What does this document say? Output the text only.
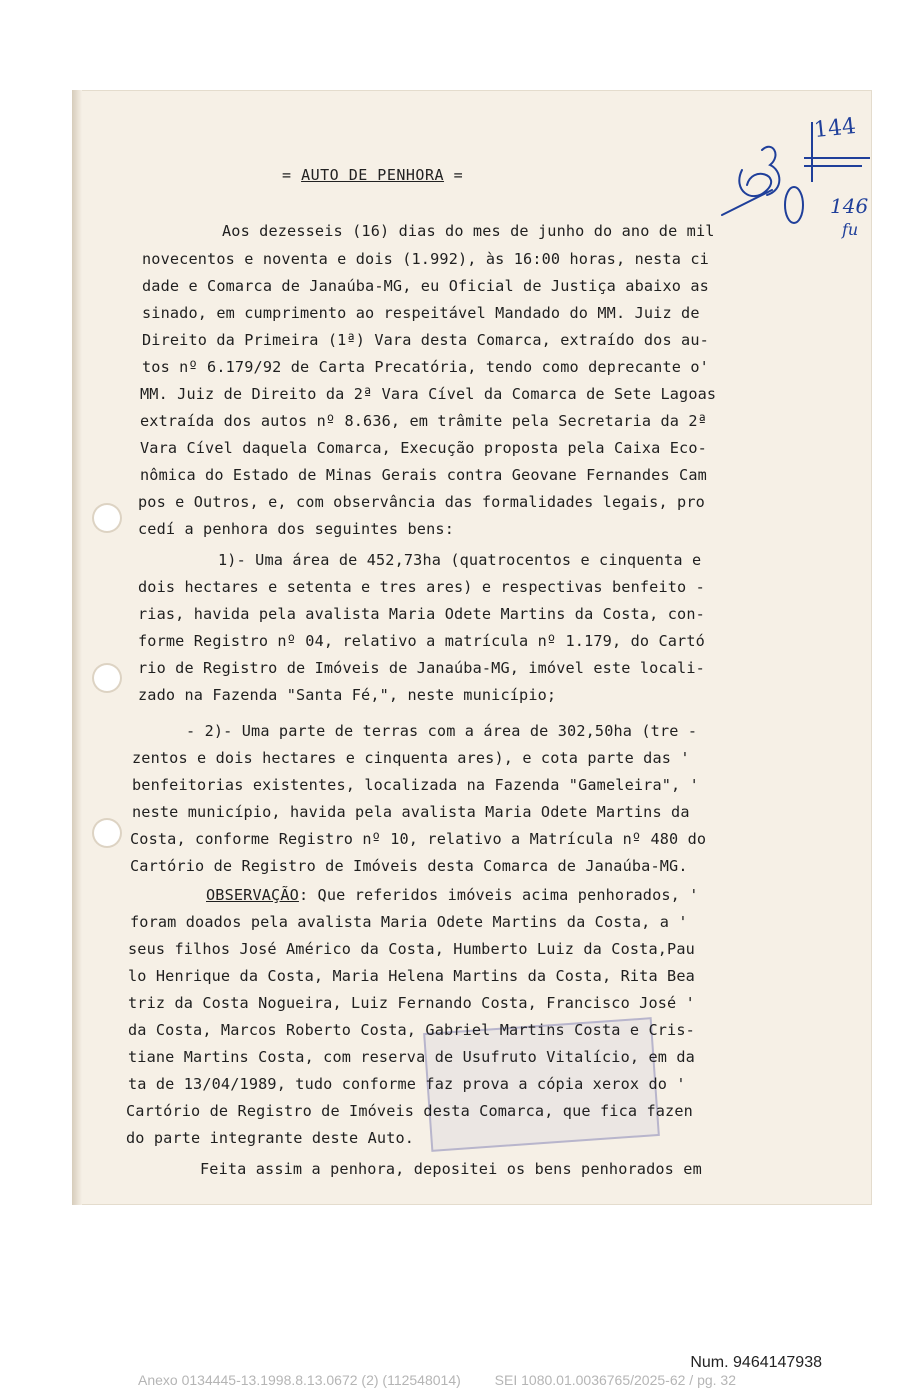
= AUTO DE PENHORA =
Aos dezesseis (16) dias do mes de junho do ano de mil
novecentos e noventa e dois (1.992), às 16:00 horas, nesta ci
dade e Comarca de Janaúba-MG, eu Oficial de Justiça abaixo as
sinado, em cumprimento ao respeitável Mandado do MM. Juiz de
Direito da Primeira (1ª) Vara desta Comarca, extraído dos au-
tos nº 6.179/92 de Carta Precatória, tendo como deprecante o'
MM. Juiz de Direito da 2ª Vara Cível da Comarca de Sete Lagoas
extraída dos autos nº 8.636, em trâmite pela Secretaria da 2ª
Vara Cível daquela Comarca, Execução proposta pela Caixa Eco-
nômica do Estado de Minas Gerais contra Geovane Fernandes Cam
pos e Outros, e, com observância das formalidades legais, pro
cedí a penhora dos seguintes bens:
1)- Uma área de 452,73ha (quatrocentos e cinquenta e
dois hectares e setenta e tres ares) e respectivas benfeito -
rias, havida pela avalista Maria Odete Martins da Costa, con-
forme Registro nº 04, relativo a matrícula nº 1.179, do Cartó
rio de Registro de Imóveis de Janaúba-MG, imóvel este locali-
zado na Fazenda "Santa Fé,", neste município;
- 2)- Uma parte de terras com a área de 302,50ha (tre -
zentos e dois hectares e cinquenta ares), e cota parte das '
benfeitorias existentes, localizada na Fazenda "Gameleira", '
neste município, havida pela avalista Maria Odete Martins da
Costa, conforme Registro nº 10, relativo a Matrícula nº 480 do
Cartório de Registro de Imóveis desta Comarca de Janaúba-MG.
OBSERVAÇÃO: Que referidos imóveis acima penhorados, '
foram doados pela avalista Maria Odete Martins da Costa, a '
seus filhos José Américo da Costa, Humberto Luiz da Costa,Pau
lo Henrique da Costa, Maria Helena Martins da Costa, Rita Bea
triz da Costa Nogueira, Luiz Fernando Costa, Francisco José '
da Costa, Marcos Roberto Costa, Gabriel Martins Costa e Cris-
tiane Martins Costa, com reserva de Usufruto Vitalício, em da
ta de 13/04/1989, tudo conforme faz prova a cópia xerox do '
Cartório de Registro de Imóveis desta Comarca, que fica fazen
do parte integrante deste Auto.
Feita assim a penhora, depositei os bens penhorados em
144
146
fu
Num. 9464147938
Anexo 0134445-13.1998.8.13.0672 (2) (112548014) SEI 1080.01.0036765/2025-62 / pg. 32
